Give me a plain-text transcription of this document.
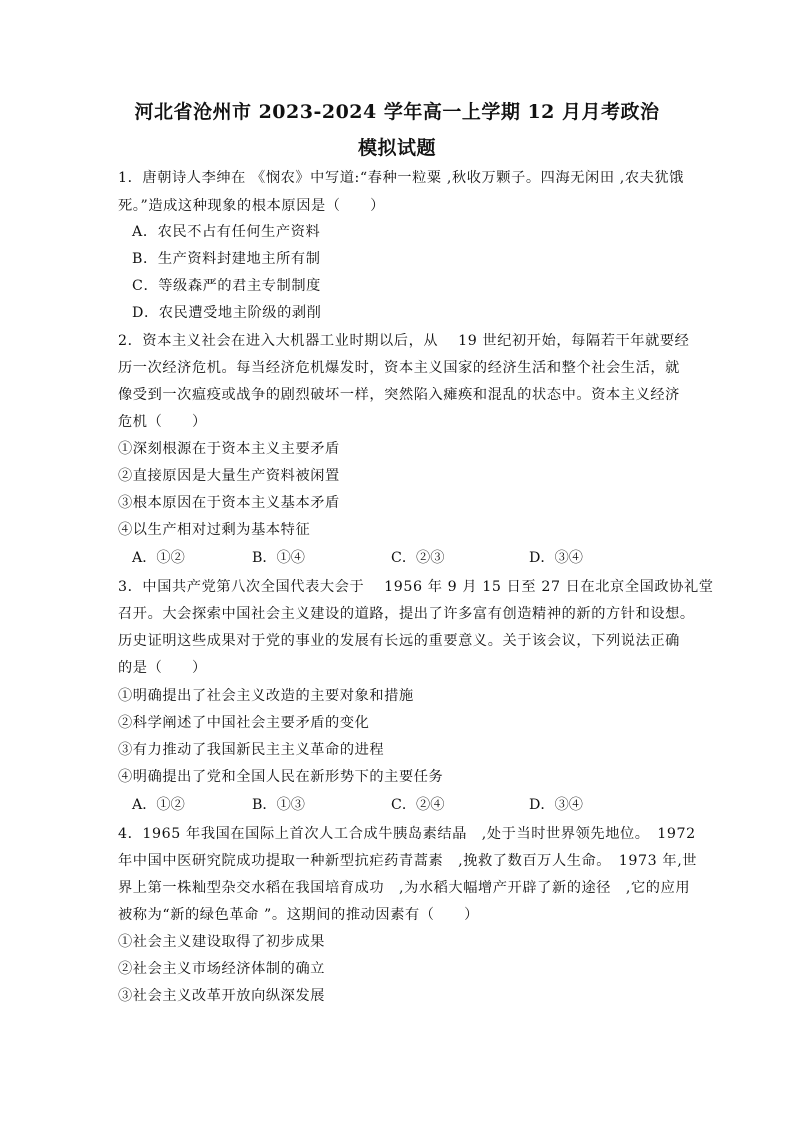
河北省沧州市 2023-2024 学年高一上学期 12 月月考政治
模拟试题
1．唐朝诗人李绅在 《悯农》中写道:“春种一粒粟 ,秋收万颗子。四海无闲田 ,农夫犹饿
死。”造成这种现象的根本原因是（　　）
A．农民不占有任何生产资料
B．生产资料封建地主所有制
C．等级森严的君主专制制度
D．农民遭受地主阶级的剥削
2．资本主义社会在进入大机器工业时期以后，从　 19 世纪初开始，每隔若干年就要经
历一次经济危机。每当经济危机爆发时，资本主义国家的经济生活和整个社会生活，就
像受到一次瘟疫或战争的剧烈破坏一样，突然陷入瘫痪和混乱的状态中。资本主义经济
危机（　　）
①深刻根源在于资本主义主要矛盾
②直接原因是大量生产资料被闲置
③根本原因在于资本主义基本矛盾
④以生产相对过剩为基本特征
A．①②	B．①④	C．②③	D．③④
3．中国共产党第八次全国代表大会于　 1956 年 9 月 15 日至 27 日在北京全国政协礼堂
召开。大会探索中国社会主义建设的道路，提出了许多富有创造精神的新的方针和设想。
历史证明这些成果对于党的事业的发展有长远的重要意义。关于该会议，下列说法正确
的是（　　）
①明确提出了社会主义改造的主要对象和措施
②科学阐述了中国社会主要矛盾的变化
③有力推动了我国新民主主义革命的进程
④明确提出了党和全国人民在新形势下的主要任务
A．①②	B．①③	C．②④	D．③④
4．1965 年我国在国际上首次人工合成牛胰岛素结晶　,处于当时世界领先地位。　1972
年中国中医研究院成功提取一种新型抗疟药青蒿素　,挽救了数百万人生命。　1973 年,世
界上第一株籼型杂交水稻在我国培育成功　,为水稻大幅增产开辟了新的途径　,它的应用
被称为“新的绿色革命 ”。这期间的推动因素有（　　）
①社会主义建设取得了初步成果
②社会主义市场经济体制的确立
③社会主义改革开放向纵深发展
